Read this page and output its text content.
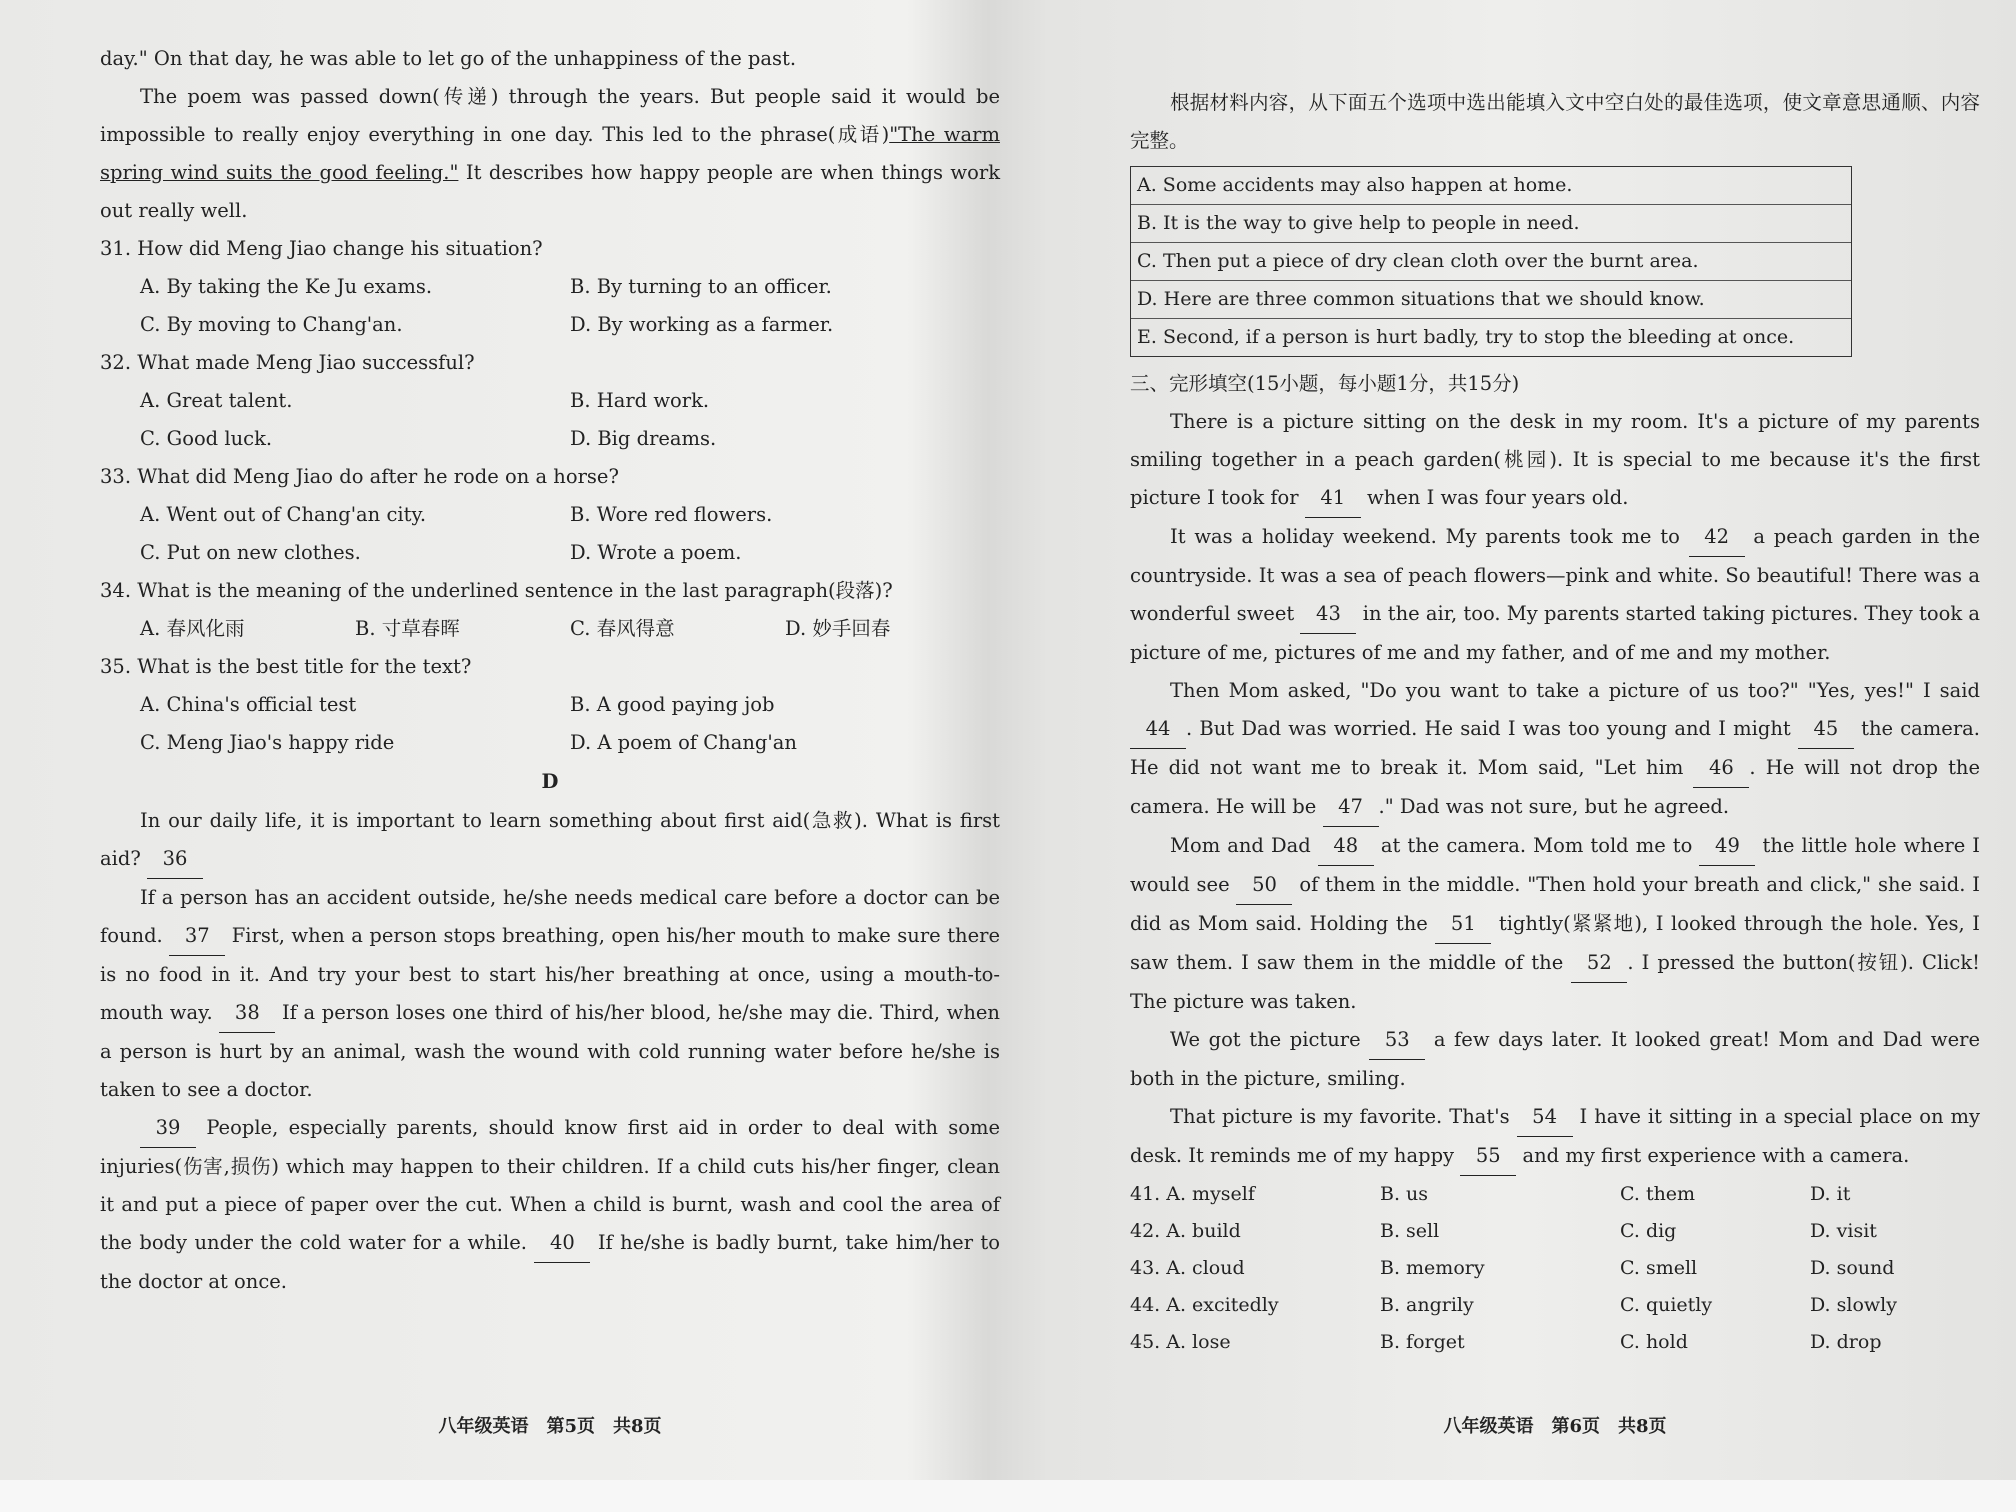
day." On that day, he was able to let go of the unhappiness of the past.

The poem was passed down(传递) through the years. But people said it would be impossible to really enjoy everything in one day. This led to the phrase(成语)"The warm spring wind suits the good feeling." It describes how happy people are when things work out really well.

31. How did Meng Jiao change his situation?

A. By taking the Ke Ju exams.	B. By turning to an officer.
C. By moving to Chang'an.	D. By working as a farmer.

32. What made Meng Jiao successful?

A. Great talent.	B. Hard work.
C. Good luck.	D. Big dreams.

33. What did Meng Jiao do after he rode on a horse?

A. Went out of Chang'an city.	B. Wore red flowers.
C. Put on new clothes.	D. Wrote a poem.

34. What is the meaning of the underlined sentence in the last paragraph(段落)?

A. 春风化雨	B. 寸草春晖	C. 春风得意	D. 妙手回春

35. What is the best title for the text?

A. China's official test	B. A good paying job
C. Meng Jiao's happy ride	D. A poem of Chang'an
D

In our daily life, it is important to learn something about first aid(急救). What is first aid? 36

If a person has an accident outside, he/she needs medical care before a doctor can be found. 37 First, when a person stops breathing, open his/her mouth to make sure there is no food in it. And try your best to start his/her breathing at once, using a mouth-to-mouth way. 38 If a person loses one third of his/her blood, he/she may die. Third, when a person is hurt by an animal, wash the wound with cold running water before he/she is taken to see a doctor.

39 People, especially parents, should know first aid in order to deal with some injuries(伤害,损伤) which may happen to their children. If a child cuts his/her finger, clean it and put a piece of paper over the cut. When a child is burnt, wash and cool the area of the body under the cold water for a while. 40 If he/she is badly burnt, take him/her to the doctor at once.

八年级英语　第5页　共8页

根据材料内容，从下面五个选项中选出能填入文中空白处的最佳选项，使文章意思通顺、内容完整。

A. Some accidents may also happen at home.
B. It is the way to give help to people in need.
C. Then put a piece of dry clean cloth over the burnt area.
D. Here are three common situations that we should know.
E. Second, if a person is hurt badly, try to stop the bleeding at once.

三、完形填空(15小题，每小题1分，共15分)

There is a picture sitting on the desk in my room. It's a picture of my parents smiling together in a peach garden(桃园). It is special to me because it's the first picture I took for 41 when I was four years old.

It was a holiday weekend. My parents took me to 42 a peach garden in the countryside. It was a sea of peach flowers—pink and white. So beautiful! There was a wonderful sweet 43 in the air, too. My parents started taking pictures. They took a picture of me, pictures of me and my father, and of me and my mother.

Then Mom asked, "Do you want to take a picture of us too?" "Yes, yes!" I said 44 . But Dad was worried. He said I was too young and I might 45 the camera. He did not want me to break it. Mom said, "Let him 46 . He will not drop the camera. He will be 47 ." Dad was not sure, but he agreed.

Mom and Dad 48 at the camera. Mom told me to 49 the little hole where I would see 50 of them in the middle. "Then hold your breath and click," she said. I did as Mom said. Holding the 51 tightly(紧紧地), I looked through the hole. Yes, I saw them. I saw them in the middle of the 52 . I pressed the button(按钮). Click! The picture was taken.

We got the picture 53 a few days later. It looked great! Mom and Dad were both in the picture, smiling.

That picture is my favorite. That's 54 I have it sitting in a special place on my desk. It reminds me of my happy 55 and my first experience with a camera.

41. A. myself	B. us	C. them	D. it
42. A. build	B. sell	C. dig	D. visit
43. A. cloud	B. memory	C. smell	D. sound
44. A. excitedly	B. angrily	C. quietly	D. slowly
45. A. lose	B. forget	C. hold	D. drop
八年级英语　第6页　共8页
